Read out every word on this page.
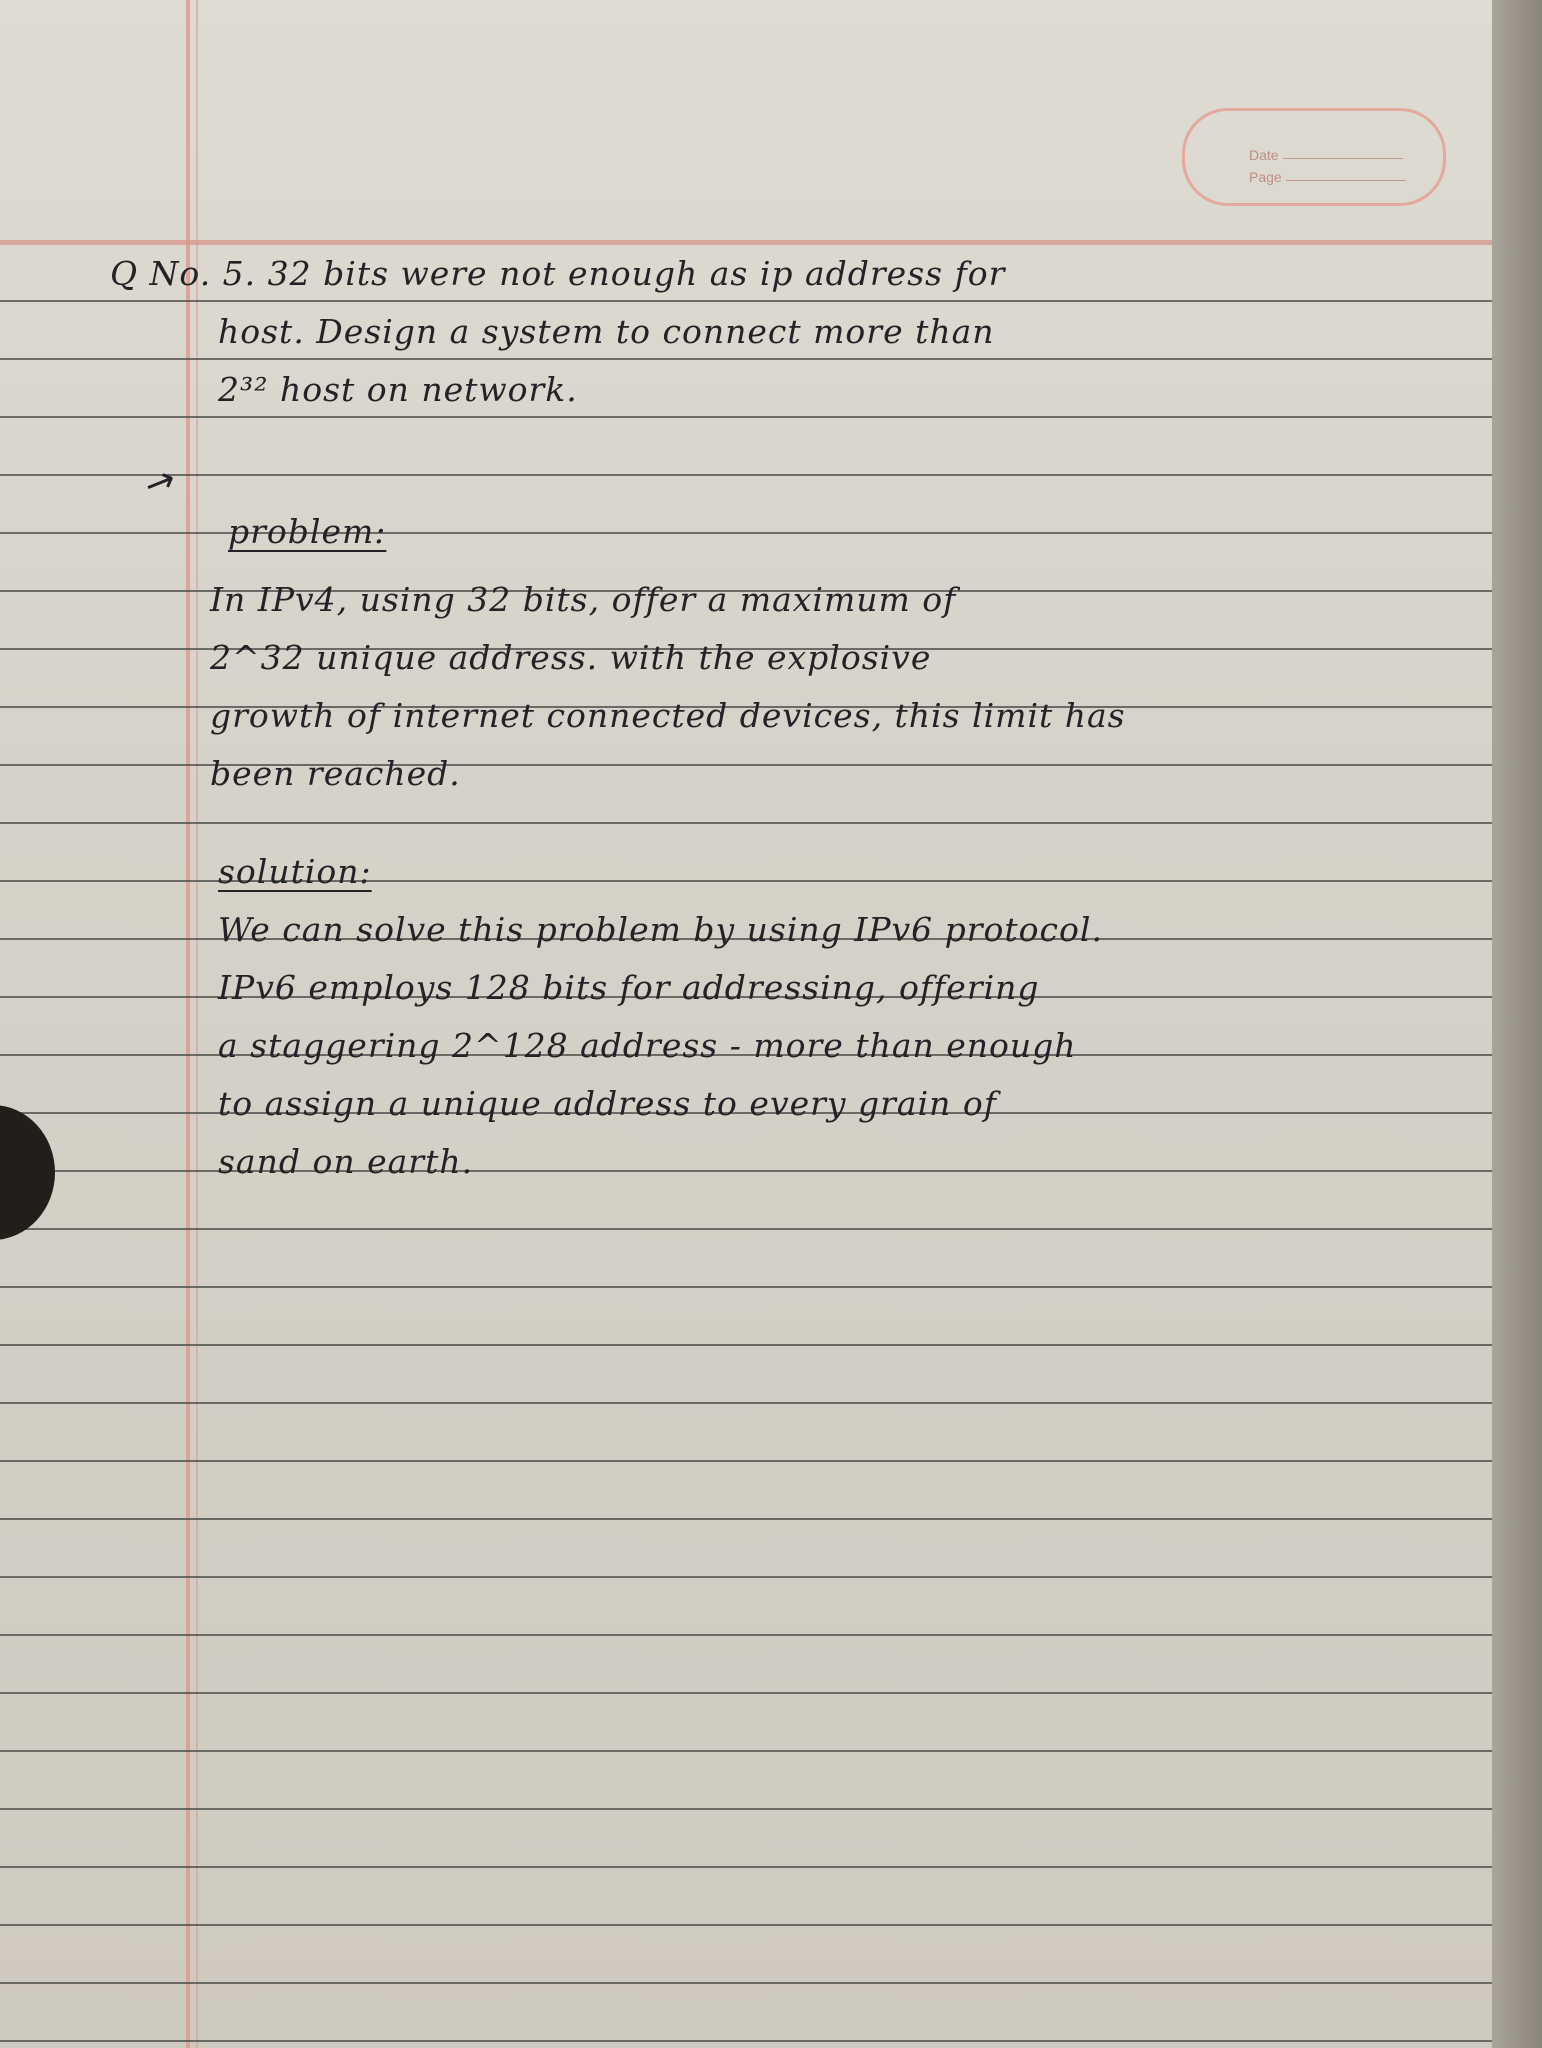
Date
Page

Q No. 5. 32 bits were not enough as ip address for

host. Design a system to connect more than

2³² host on network.

→

problem:

In IPv4, using 32 bits, offer a maximum of

2^32 unique address. with the explosive

growth of internet connected devices, this limit has

been reached.

solution:

We can solve this problem by using IPv6 protocol.

IPv6 employs 128 bits for addressing, offering

a staggering 2^128 address - more than enough

to assign a unique address to every grain of

sand on earth.
